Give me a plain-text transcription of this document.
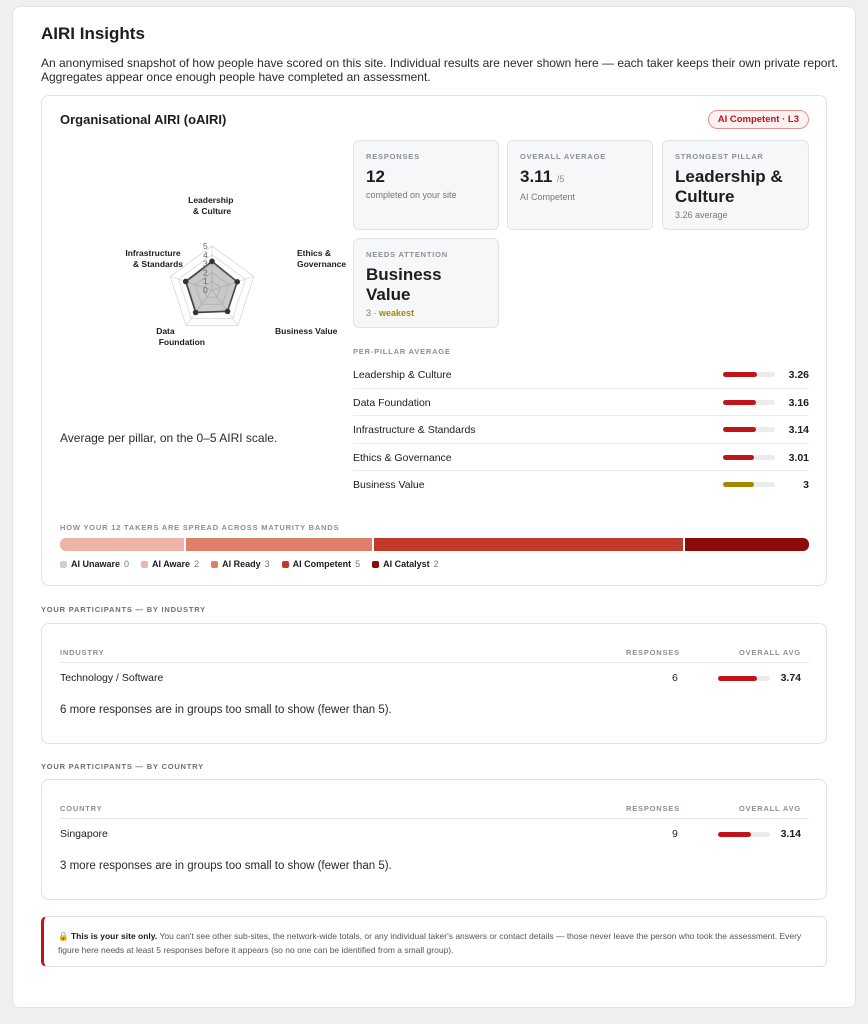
AIRI Insights
An anonymised snapshot of how people have scored on this site. Individual results are never shown here — each taker keeps their own private report. Aggregates appear once enough people have completed an assessment.
Organisational AIRI (oAIRI)	AI Competent · L3
5
4
3
2
1
0
Leadership & Culture
Ethics & Governance
Business Value
Data Foundation
Infrastructure & Standards
Average per pillar, on the 0–5 AIRI scale.
RESPONSES
12
completed on your site
OVERALL AVERAGE
3.11 /5
AI Competent
STRONGEST PILLAR
Leadership &
Culture
3.26 average
NEEDS ATTENTION
Business
Value
3 · weakest
PER-PILLAR AVERAGE
Leadership & Culture	3.26
Data Foundation	3.16
Infrastructure & Standards	3.14
Ethics & Governance	3.01
Business Value	3
HOW YOUR 12 TAKERS ARE SPREAD ACROSS MATURITY BANDS
AI Unaware 0	AI Aware 2	AI Ready 3	AI Competent 5	AI Catalyst 2
YOUR PARTICIPANTS — BY INDUSTRY
INDUSTRY	RESPONSES	OVERALL AVG
Technology / Software	6	3.74
6 more responses are in groups too small to show (fewer than 5).
YOUR PARTICIPANTS — BY COUNTRY
COUNTRY	RESPONSES	OVERALL AVG
Singapore	9	3.14
3 more responses are in groups too small to show (fewer than 5).
🔒 This is your site only. You can't see other sub-sites, the network-wide totals, or any individual taker's answers or contact details — those never leave the person who took the assessment. Every figure here needs at least 5 responses before it appears (so no one can be identified from a small group).
